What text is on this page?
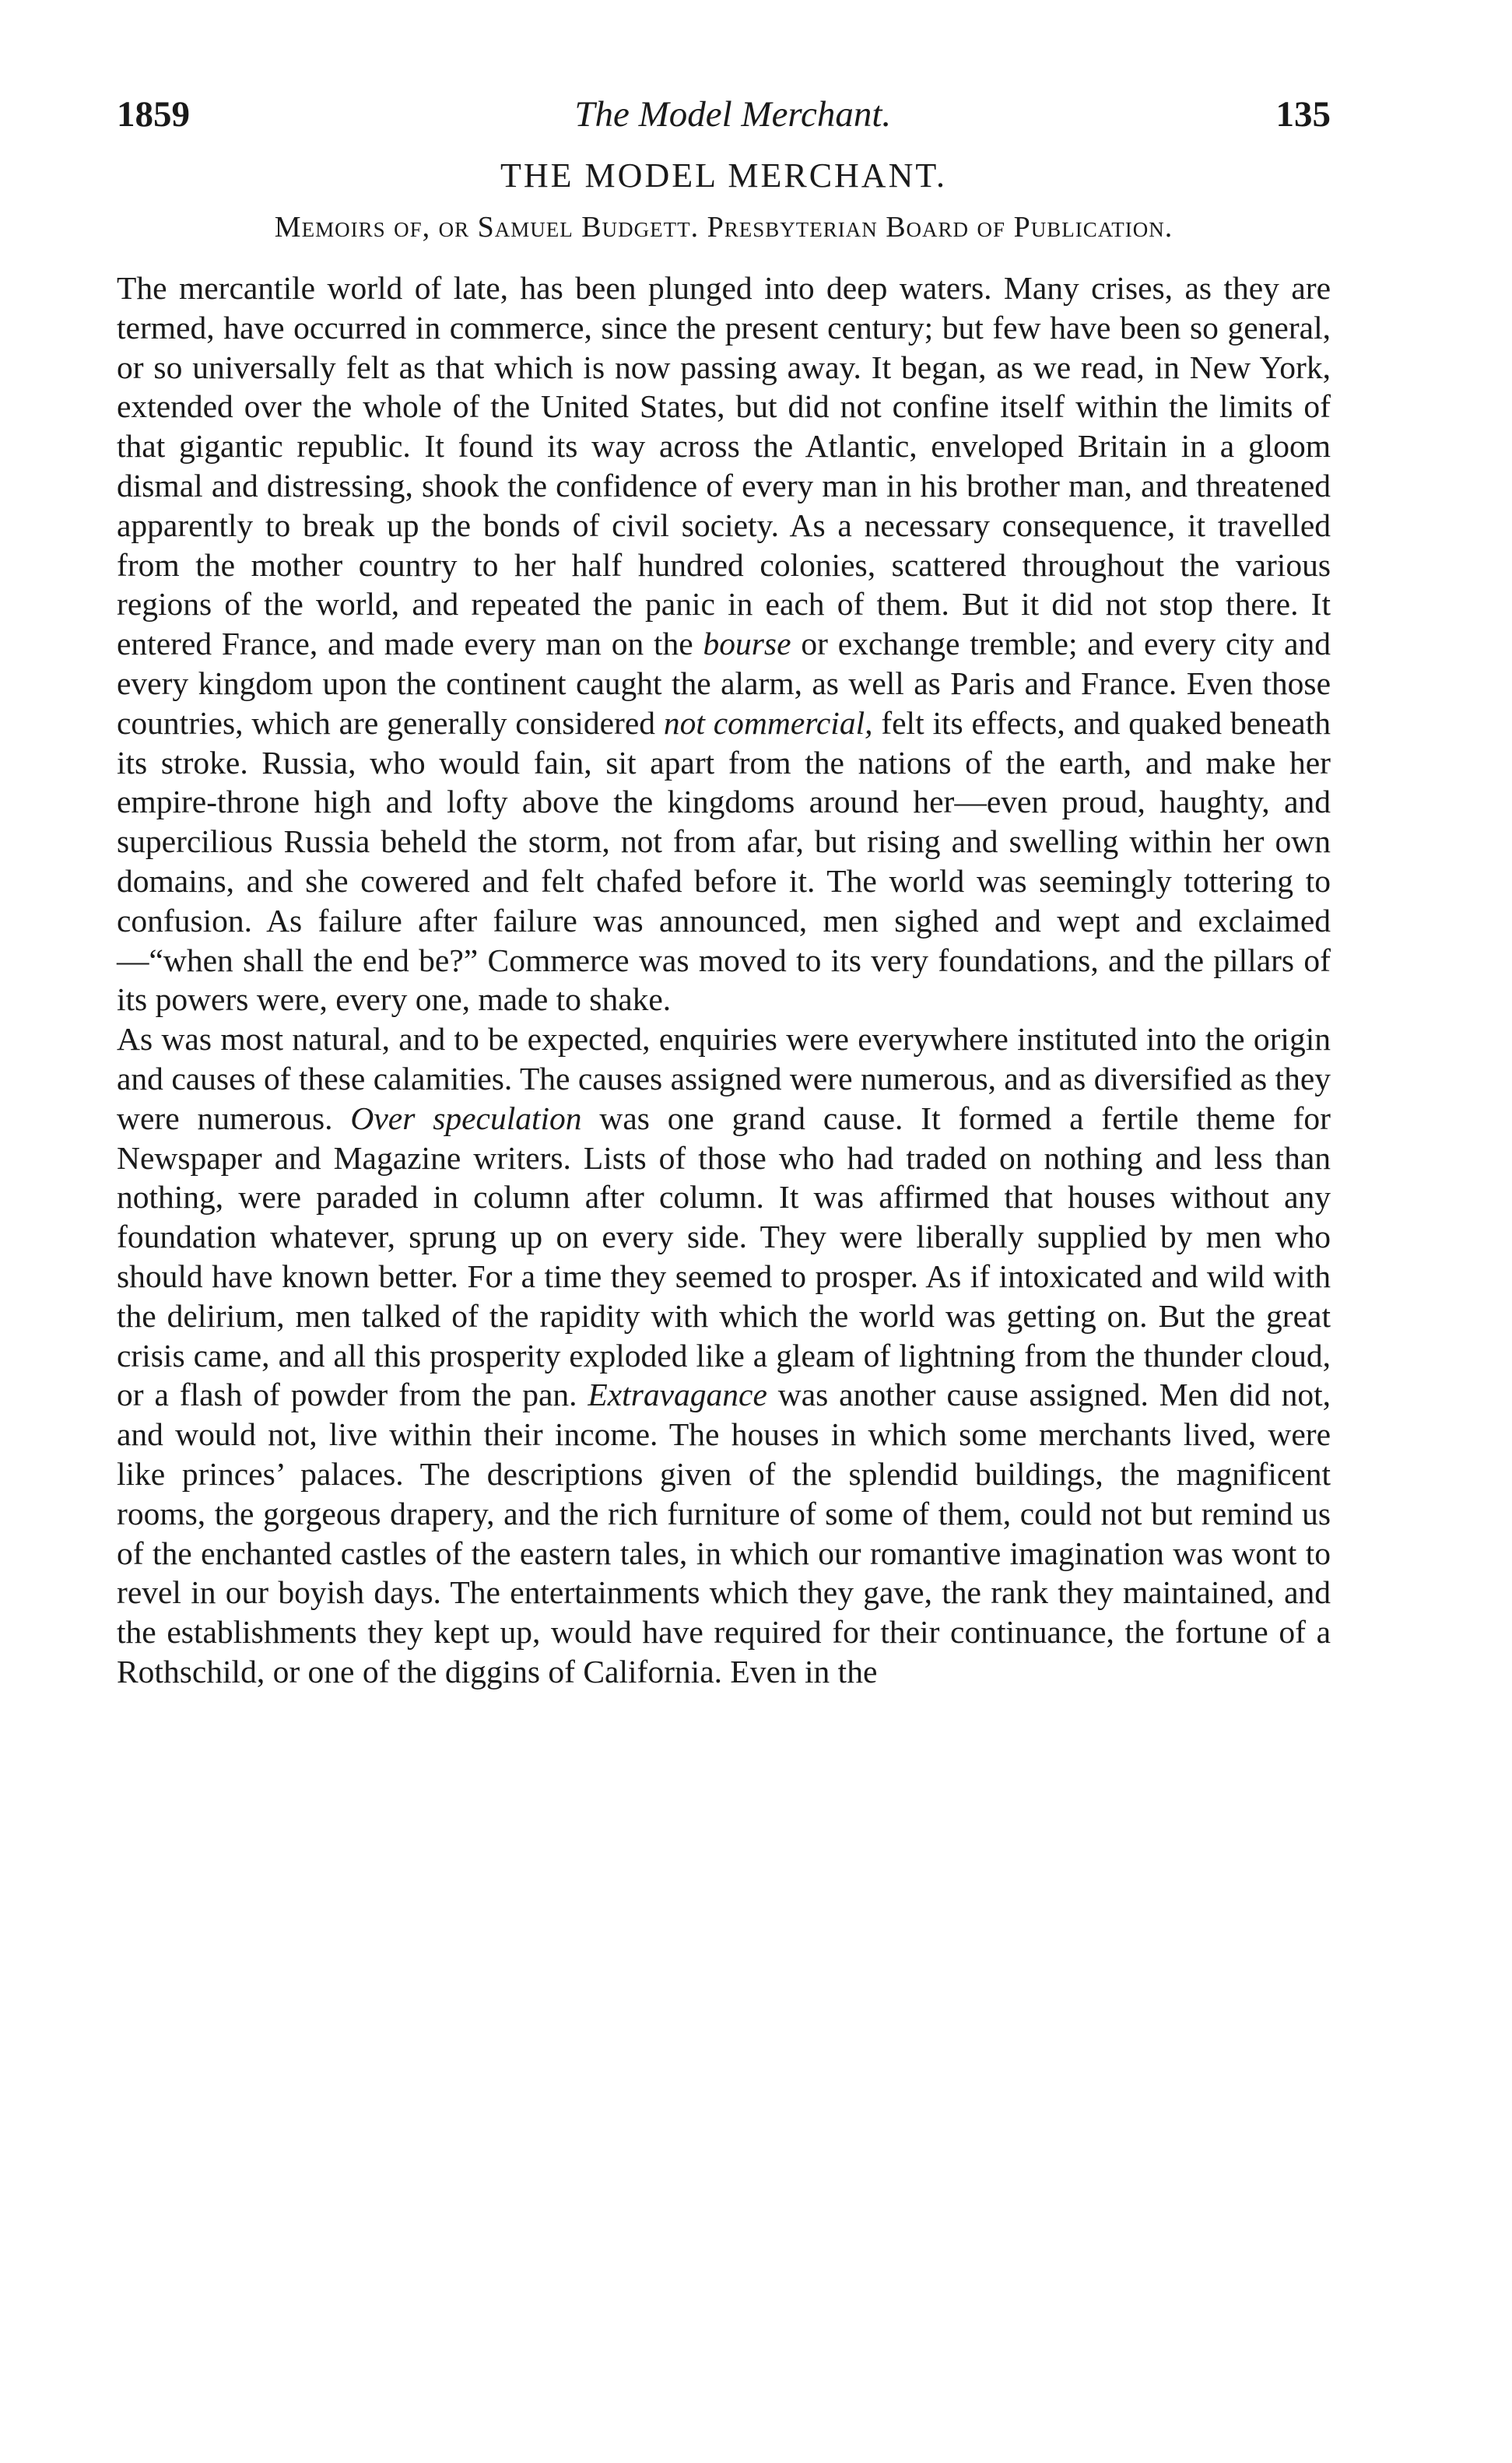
1859	The Model Merchant.	135
THE MODEL MERCHANT.
Memoirs of, or Samuel Budgett. Presbyterian Board of Publication.

The mercantile world of late, has been plunged into deep waters. Many crises, as they are termed, have occurred in commerce, since the present century; but few have been so general, or so universally felt as that which is now passing away. It began, as we read, in New York, extended over the whole of the United States, but did not confine itself within the limits of that gigantic republic. It found its way across the Atlantic, enveloped Britain in a gloom dismal and distressing, shook the confidence of every man in his brother man, and threatened apparently to break up the bonds of civil society. As a necessary consequence, it travelled from the mother country to her half hundred colonies, scattered throughout the various regions of the world, and repeated the panic in each of them. But it did not stop there. It entered France, and made every man on the bourse or exchange tremble; and every city and every kingdom upon the continent caught the alarm, as well as Paris and France. Even those countries, which are generally considered not commercial, felt its effects, and quaked beneath its stroke. Russia, who would fain, sit apart from the nations of the earth, and make her empire-throne high and lofty above the kingdoms around her—even proud, haughty, and supercilious Russia beheld the storm, not from afar, but rising and swelling within her own domains, and she cowered and felt chafed before it. The world was seemingly tottering to confusion. As failure after failure was announced, men sighed and wept and exclaimed—“when shall the end be?” Commerce was moved to its very foundations, and the pillars of its powers were, every one, made to shake.

As was most natural, and to be expected, enquiries were everywhere instituted into the origin and causes of these calamities. The causes assigned were numerous, and as diversified as they were numerous. Over speculation was one grand cause. It formed a fertile theme for Newspaper and Magazine writers. Lists of those who had traded on nothing and less than nothing, were paraded in column after column. It was affirmed that houses without any foundation whatever, sprung up on every side. They were liberally supplied by men who should have known better. For a time they seemed to prosper. As if intoxicated and wild with the delirium, men talked of the rapidity with which the world was getting on. But the great crisis came, and all this prosperity exploded like a gleam of lightning from the thunder cloud, or a flash of powder from the pan. Extravagance was another cause assigned. Men did not, and would not, live within their income. The houses in which some merchants lived, were like princes’ palaces. The descriptions given of the splendid buildings, the magnificent rooms, the gorgeous drapery, and the rich furniture of some of them, could not but remind us of the enchanted castles of the eastern tales, in which our romantive imagination was wont to revel in our boyish days. The entertainments which they gave, the rank they maintained, and the establishments they kept up, would have required for their continuance, the fortune of a Rothschild, or one of the diggins of California. Even in the
